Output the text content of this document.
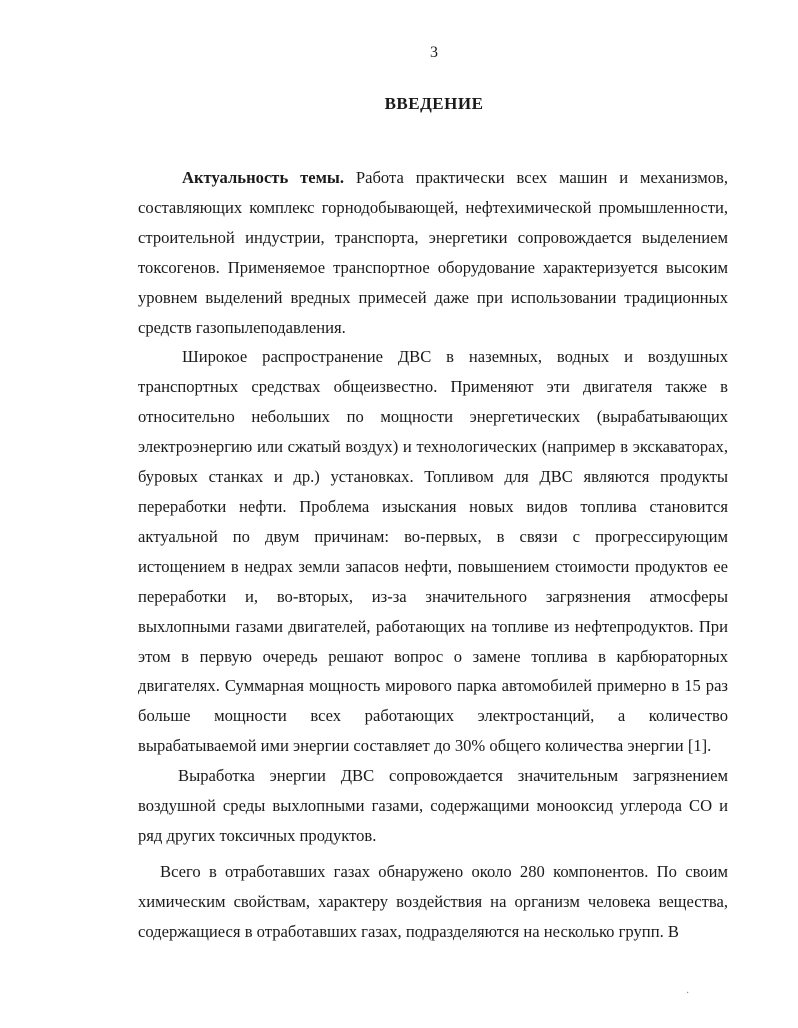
3
ВВЕДЕНИЕ

Актуальность темы. Работа практически всех машин и механизмов, составляющих комплекс горнодобывающей, нефтехимической промышленности, строительной индустрии, транспорта, энергетики сопровождается выделением токсогенов. Применяемое транспортное оборудование характеризуется высоким уровнем выделений вредных примесей даже при использовании традиционных средств газопылеподавления.

Широкое распространение ДВС в наземных, водных и воздушных транспортных средствах общеизвестно. Применяют эти двигателя также в относительно небольших по мощности энергетических (вырабатывающих электроэнергию или сжатый воздух) и технологических (например в экскаваторах, буровых станках и др.) установках. Топливом для ДВС являются продукты переработки нефти. Проблема изыскания новых видов топлива становится актуальной по двум причинам: во-первых, в связи с прогрессирующим истощением в недрах земли запасов нефти, повышением стоимости продуктов ее переработки и, во-вторых, из-за значительного загрязнения атмосферы выхлопными газами двигателей, работающих на топливе из нефтепродуктов. При этом в первую очередь решают вопрос о замене топлива в карбюраторных двигателях. Суммарная мощность мирового парка автомобилей примерно в 15 раз больше мощности всех работающих электростанций, а количество вырабатываемой ими энергии составляет до 30% общего количества энергии [1].

Выработка энергии ДВС сопровождается значительным загрязнением воздушной среды выхлопными газами, содержащими монооксид углерода СО и ряд других токсичных продуктов.

Всего в отработавших газах обнаружено около 280 компонентов. По своим химическим свойствам, характеру воздействия на организм человека вещества, содержащиеся в отработавших газах, подразделяются на несколько групп. В

·
